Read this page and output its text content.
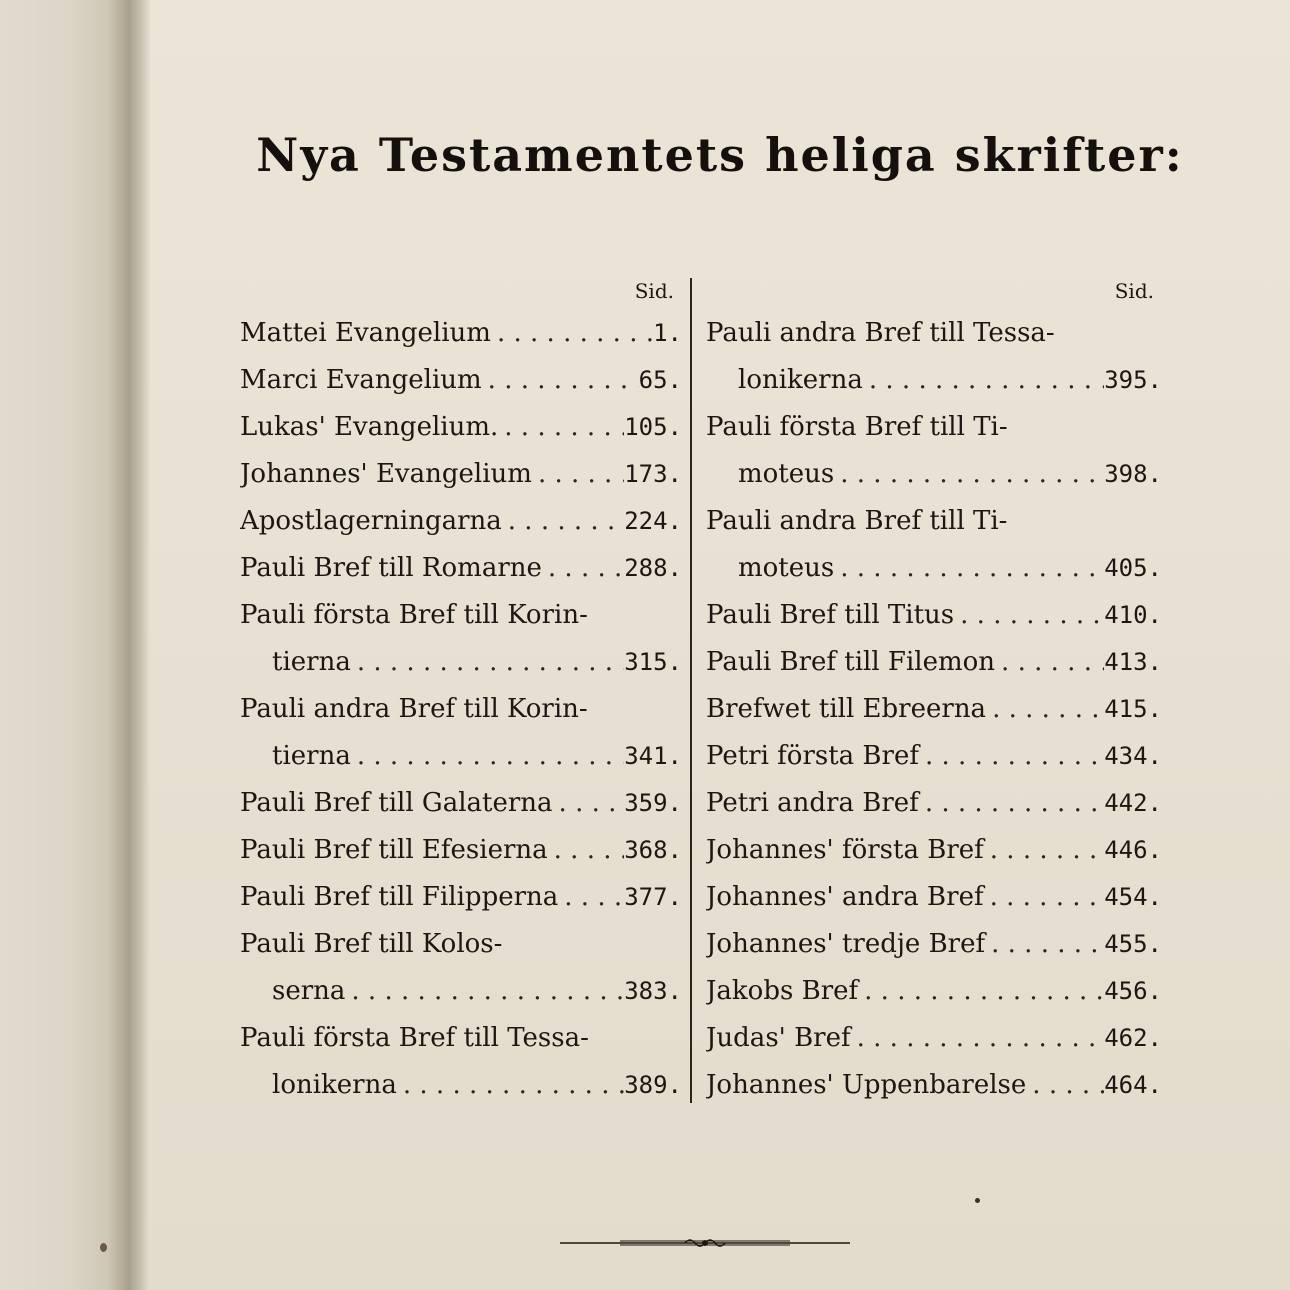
Nya Testamentets heliga skrifter:
Sid.
Mattei Evangelium . . .	1.
Marci Evangelium . . .	65.
Lukas' Evangelium. . . .	105.
Johannes' Evangelium . . .	173.
Apostlagerningarna . . .	224.
Pauli Bref till Romarne . . .	288.
Pauli första Bref till Korin-
tierna . . .	315.
Pauli andra Bref till Korin-
tierna . . .	341.
Pauli Bref till Galaterna . . .	359.
Pauli Bref till Efesierna . . .	368.
Pauli Bref till Filipperna . . .	377.
Pauli Bref till Kolos-
serna . . .	383.
Pauli första Bref till Tessa-
lonikerna . . .	389.
Sid.
Pauli andra Bref till Tessa-
lonikerna . . .	395.
Pauli första Bref till Ti-
moteus . . .	398.
Pauli andra Bref till Ti-
moteus . . .	405.
Pauli Bref till Titus . . .	410.
Pauli Bref till Filemon . . .	413.
Brefwet till Ebreerna . . .	415.
Petri första Bref . . .	434.
Petri andra Bref . . .	442.
Johannes' första Bref . . .	446.
Johannes' andra Bref . . .	454.
Johannes' tredje Bref . . .	455.
Jakobs Bref . . .	456.
Judas' Bref . . .	462.
Johannes' Uppenbarelse . . .	464.
